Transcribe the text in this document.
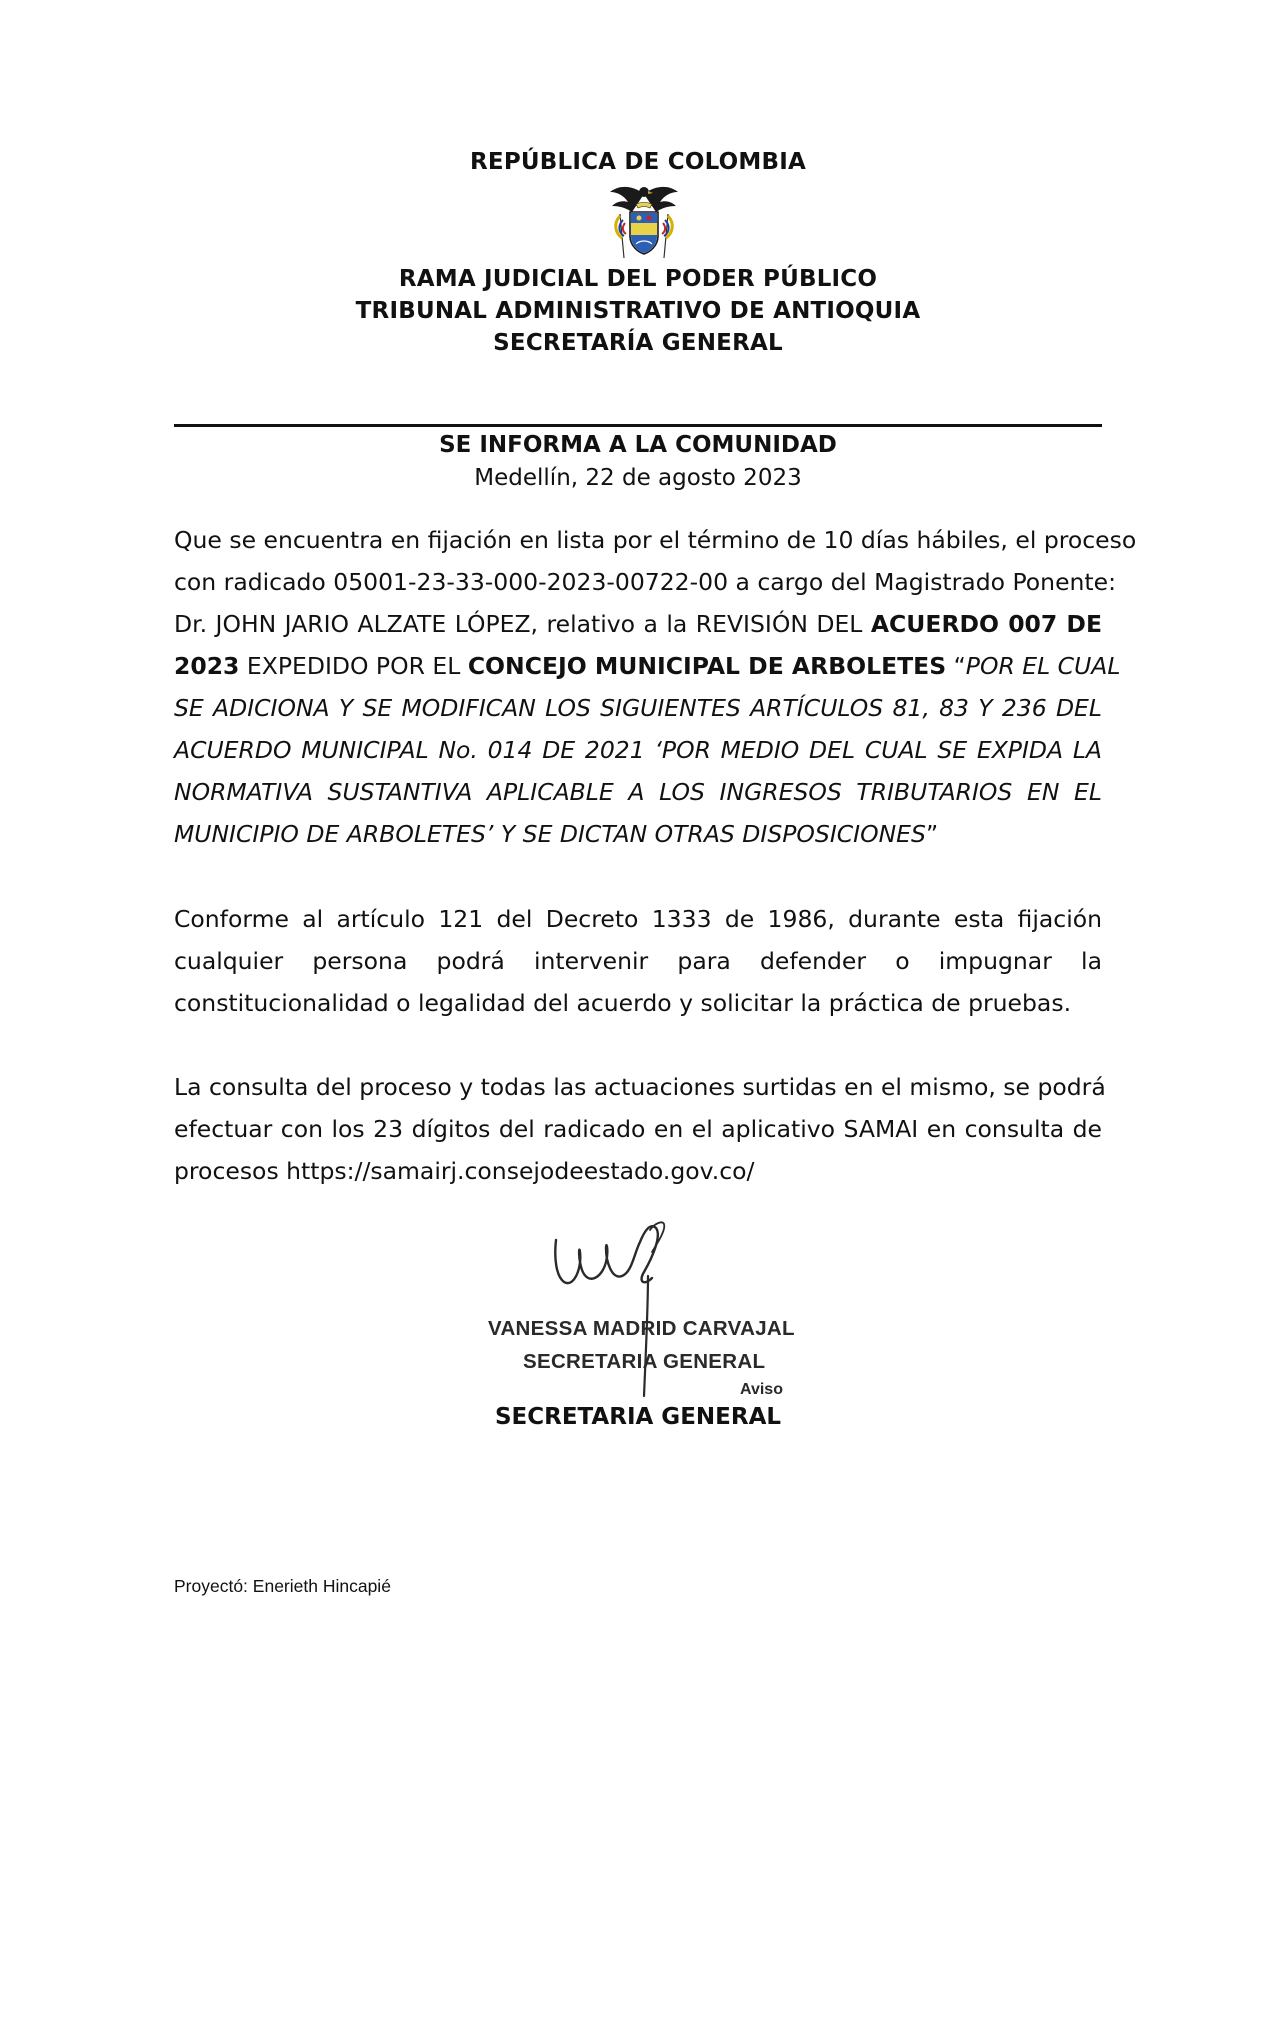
REPÚBLICA DE COLOMBIA
RAMA JUDICIAL DEL PODER PÚBLICO
TRIBUNAL ADMINISTRATIVO DE ANTIOQUIA
SECRETARÍA GENERAL
SE INFORMA A LA COMUNIDAD
Medellín, 22 de agosto 2023
Que se encuentra en fijación en lista por el término de 10 días hábiles, el proceso
con radicado 05001-23-33-000-2023-00722-00 a cargo del Magistrado Ponente:
Dr. JOHN JARIO ALZATE LÓPEZ, relativo a la REVISIÓN DEL ACUERDO 007 DE
2023 EXPEDIDO POR EL CONCEJO MUNICIPAL DE ARBOLETES “POR EL CUAL
SE ADICIONA Y SE MODIFICAN LOS SIGUIENTES ARTÍCULOS 81, 83 Y 236 DEL
ACUERDO MUNICIPAL No. 014 DE 2021 ‘POR MEDIO DEL CUAL SE EXPIDA LA
NORMATIVA SUSTANTIVA APLICABLE A LOS INGRESOS TRIBUTARIOS EN EL
MUNICIPIO DE ARBOLETES’ Y SE DICTAN OTRAS DISPOSICIONES”
Conforme al artículo 121 del Decreto 1333 de 1986, durante esta fijación
cualquier persona podrá intervenir para defender o impugnar la
constitucionalidad o legalidad del acuerdo y solicitar la práctica de pruebas.
La consulta del proceso y todas las actuaciones surtidas en el mismo, se podrá
efectuar con los 23 dígitos del radicado en el aplicativo SAMAI en consulta de
procesos https://samairj.consejodeestado.gov.co/
VANESSA MADRID CARVAJAL
SECRETARIA GENERAL
Aviso
SECRETARIA GENERAL
Proyectó: Enerieth Hincapié
